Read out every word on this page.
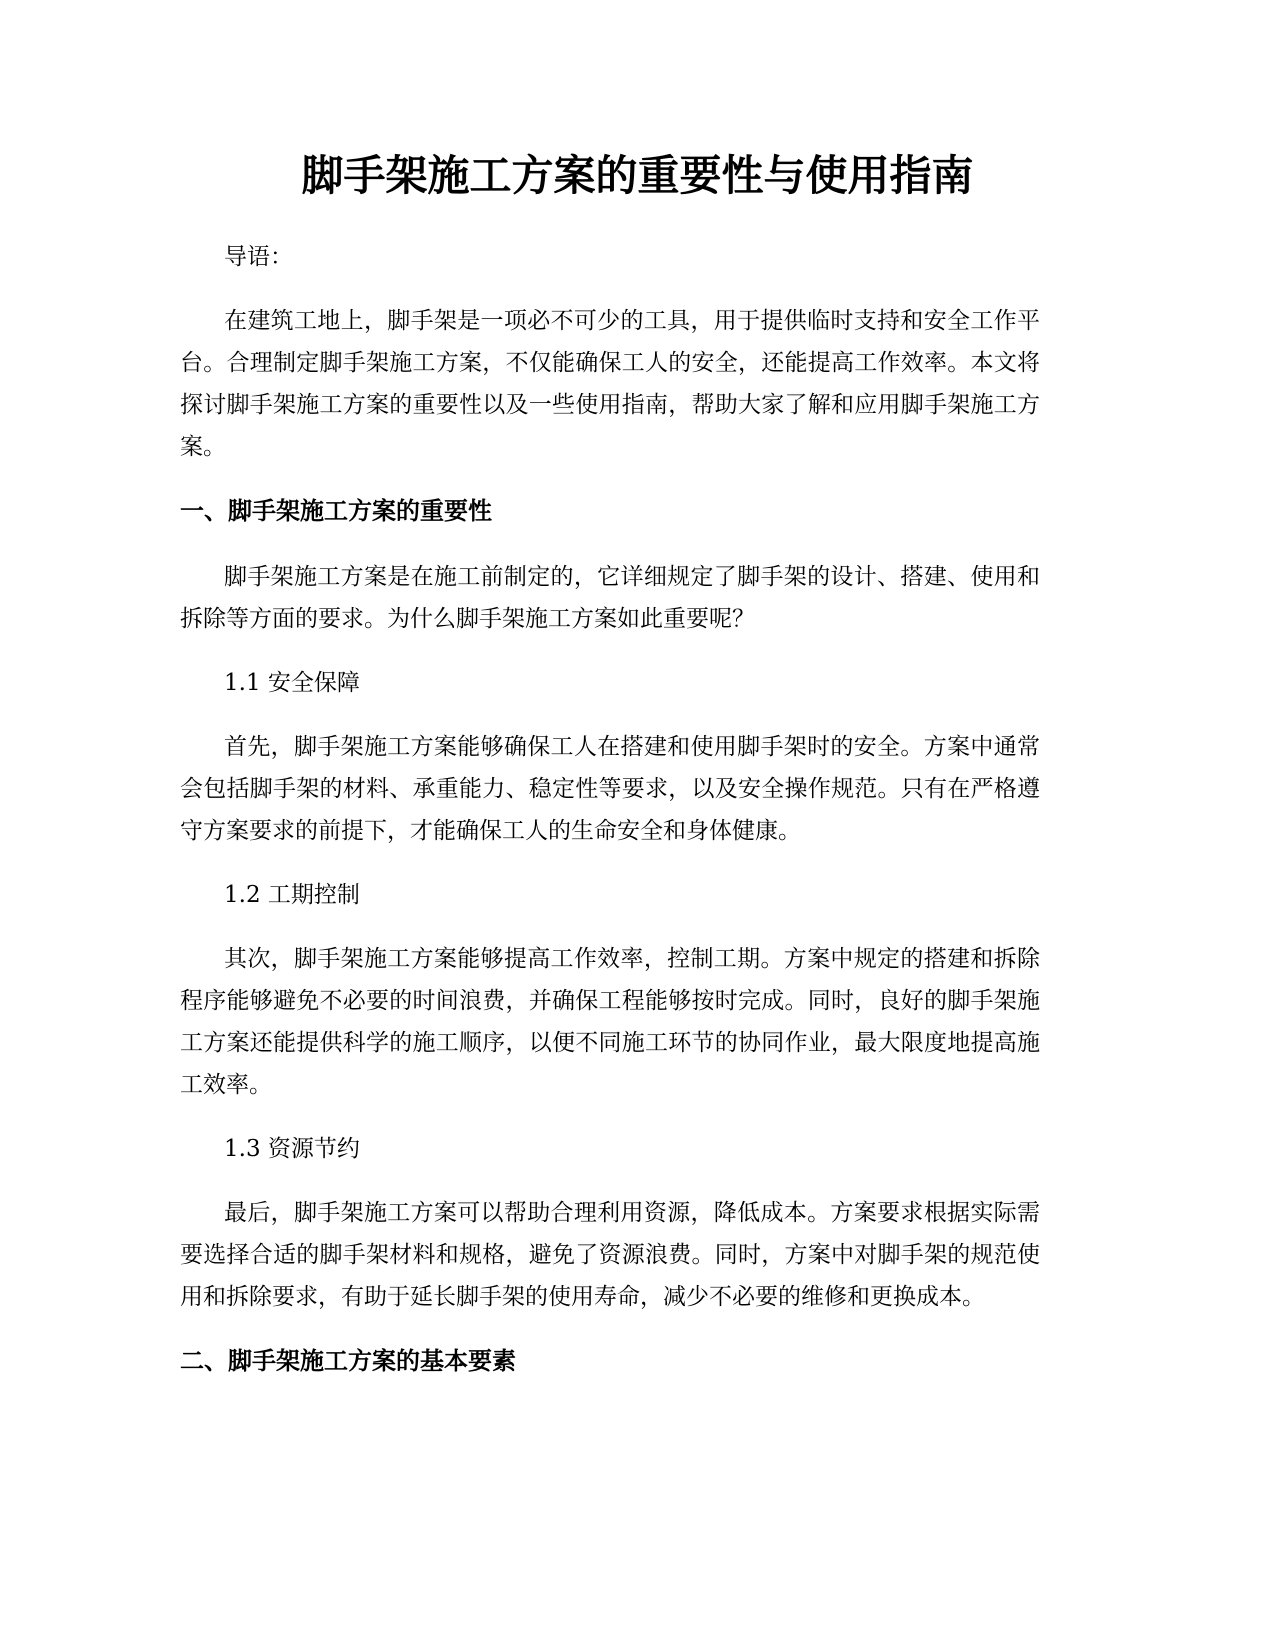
脚手架施工方案的重要性与使用指南

导语：

在建筑工地上，脚手架是一项必不可少的工具，用于提供临时支持和安全工作平台。合理制定脚手架施工方案，不仅能确保工人的安全，还能提高工作效率。本文将探讨脚手架施工方案的重要性以及一些使用指南，帮助大家了解和应用脚手架施工方案。

一、脚手架施工方案的重要性

脚手架施工方案是在施工前制定的，它详细规定了脚手架的设计、搭建、使用和拆除等方面的要求。为什么脚手架施工方案如此重要呢？

1.1 安全保障

首先，脚手架施工方案能够确保工人在搭建和使用脚手架时的安全。方案中通常会包括脚手架的材料、承重能力、稳定性等要求，以及安全操作规范。只有在严格遵守方案要求的前提下，才能确保工人的生命安全和身体健康。

1.2 工期控制

其次，脚手架施工方案能够提高工作效率，控制工期。方案中规定的搭建和拆除程序能够避免不必要的时间浪费，并确保工程能够按时完成。同时，良好的脚手架施工方案还能提供科学的施工顺序，以便不同施工环节的协同作业，最大限度地提高施工效率。

1.3 资源节约

最后，脚手架施工方案可以帮助合理利用资源，降低成本。方案要求根据实际需要选择合适的脚手架材料和规格，避免了资源浪费。同时，方案中对脚手架的规范使用和拆除要求，有助于延长脚手架的使用寿命，减少不必要的维修和更换成本。

二、脚手架施工方案的基本要素
